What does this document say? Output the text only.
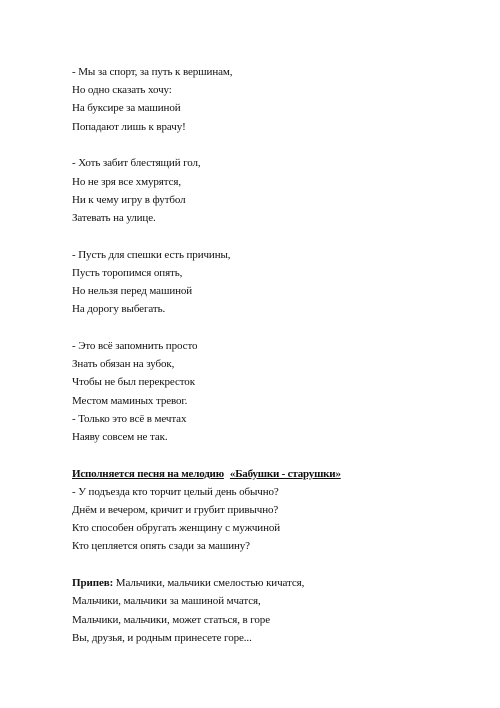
- Мы за спорт, за путь к вершинам,
Но одно сказать хочу:
На буксире за машиной
Попадают лишь к врачу!
- Хоть забит блестящий гол,
Но не зря все хмурятся,
Ни к чему игру в футбол
Затевать на улице.
- Пусть для спешки есть причины,
Пусть торопимся опять,
Но нельзя перед машиной
На дорогу выбегать.
- Это всё запомнить просто
Знать обязан на зубок,
Чтобы не был перекресток
Местом маминых тревог.
- Только это всё в мечтах
Наяву совсем не так.
Исполняется песня на мелодию «Бабушки - старушки»
- У подъезда кто торчит целый день обычно?
Днём и вечером, кричит и грубит привычно?
Кто способен обругать женщину с мужчиной
Кто цепляется опять сзади за машину?
Припев: Мальчики, мальчики смелостью кичатся,
Мальчики, мальчики за машиной мчатся,
Мальчики, мальчики, может статься, в горе
Вы, друзья, и родным принесете горе...
